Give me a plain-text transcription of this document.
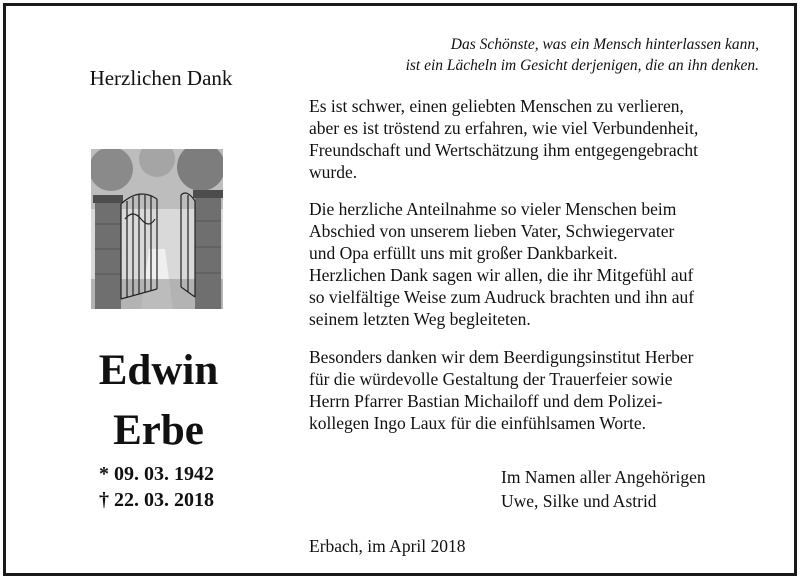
Das Schönste, was ein Mensch hinterlassen kann,
ist ein Lächeln im Gesicht derjenigen, die an ihn denken.
Herzlichen Dank
Edwin
Erbe
* 09. 03. 1942
† 22. 03. 2018
Es ist schwer, einen geliebten Menschen zu verlieren,
aber es ist tröstend zu erfahren, wie viel Verbundenheit,
Freundschaft und Wertschätzung ihm entgegengebracht
wurde.
Die herzliche Anteilnahme so vieler Menschen beim
Abschied von unserem lieben Vater, Schwiegervater
und Opa erfüllt uns mit großer Dankbarkeit.
Herzlichen Dank sagen wir allen, die ihr Mitgefühl auf
so vielfältige Weise zum Audruck brachten und ihn auf
seinem letzten Weg begleiteten.
Besonders danken wir dem Beerdigungsinstitut Herber
für die würdevolle Gestaltung der Trauerfeier sowie
Herrn Pfarrer Bastian Michailoff und dem Polizei-
kollegen Ingo Laux für die einfühlsamen Worte.
Im Namen aller Angehörigen
Uwe, Silke und Astrid
Erbach, im April 2018
